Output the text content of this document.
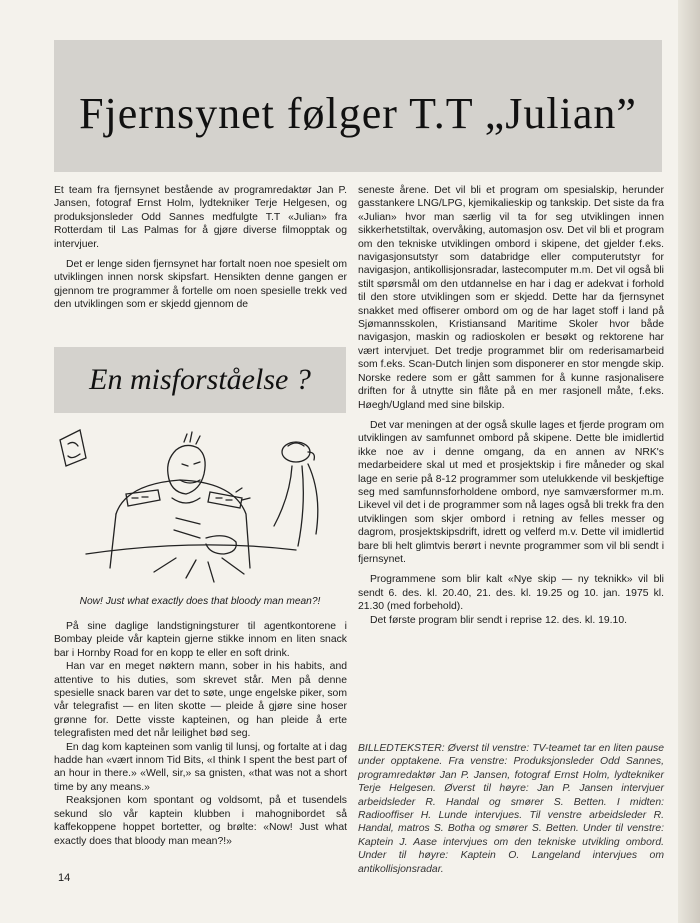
Fjernsynet følger T.T „Julian”

Et team fra fjernsynet bestående av programredaktør Jan P. Jansen, fotograf Ernst Holm, lydtekniker Terje Helgesen, og produksjonsleder Odd Sannes medfulgte T.T «Julian» fra Rotterdam til Las Palmas for å gjøre diverse filmopptak og intervjuer.

Det er lenge siden fjernsynet har fortalt noen noe spesielt om utviklingen innen norsk skipsfart. Hensikten denne gangen er gjennom tre programmer å fortelle om noen spesielle trekk ved den utviklingen som er skjedd gjennom de

En misforståelse ?
Now! Just what exactly does that bloody man mean?!

På sine daglige landstigningsturer til agentkontorene i Bombay pleide vår kaptein gjerne stikke innom en liten snack bar i Hornby Road for en kopp te eller en soft drink.

Han var en meget nøktern mann, sober in his habits, and attentive to his duties, som skrevet står. Men på denne spesielle snack baren var det to søte, unge engelske piker, som vår telegrafist — en liten skotte — pleide å gjøre sine hoser grønne for. Dette visste kapteinen, og han pleide å erte telegrafisten med det når leilighet bød seg.

En dag kom kapteinen som vanlig til lunsj, og fortalte at i dag hadde han «vært innom Tid Bits, «I think I spent the best part of an hour in there.» «Well, sir,» sa gnisten, «that was not a short time by any means.»

Reaksjonen kom spontant og voldsomt, på et tusendels sekund slo vår kaptein klubben i mahognibordet så kaffekoppene hoppet bortetter, og brølte: «Now! Just what exactly does that bloody man mean?!»

seneste årene. Det vil bli et program om spesialskip, herunder gasstankere LNG/LPG, kjemikalieskip og tankskip. Det siste da fra «Julian» hvor man særlig vil ta for seg utviklingen innen sikkerhetstiltak, overvåking, automasjon osv. Det vil bli et program om den tekniske utviklingen ombord i skipene, det gjelder f.eks. navigasjonsutstyr som databridge eller computerutstyr for navigasjon, antikollisjonsradar, lastecomputer m.m. Det vil også bli stilt spørsmål om den utdannelse en har i dag er adekvat i forhold til den store utviklingen som er skjedd. Dette har da fjernsynet snakket med offiserer ombord om og de har laget stoff i land på Sjømannsskolen, Kristiansand Maritime Skoler hvor både navigasjon, maskin og radioskolen er besøkt og rektorene har vært intervjuet. Det tredje programmet blir om rederisamarbeid som f.eks. Scan-Dutch linjen som disponerer en stor mengde skip. Norske redere som er gått sammen for å kunne rasjonalisere driften for å utnytte sin flåte på en mer rasjonell måte, f.eks. Høegh/Ugland med sine bilskip.

Det var meningen at der også skulle lages et fjerde program om utviklingen av samfunnet ombord på skipene. Dette ble imidlertid ikke noe av i denne omgang, da en annen av NRK's medarbeidere skal ut med et prosjektskip i fire måneder og skal lage en serie på 8-12 programmer som utelukkende vil beskjeftige seg med samfunnsforholdene ombord, nye samværsformer m.m. Likevel vil det i de programmer som nå lages også bli trekk fra den utviklingen som skjer ombord i retning av felles messer og dagrom, prosjektskipsdrift, idrett og velferd m.v. Dette vil imidlertid bare bli helt glimtvis berørt i nevnte programmer som vil bli sendt i fjernsynet.

Programmene som blir kalt «Nye skip — ny teknikk» vil bli sendt 6. des. kl. 20.40, 21. des. kl. 19.25 og 10. jan. 1975 kl. 21.30 (med forbehold).

Det første program blir sendt i reprise 12. des. kl. 19.10.

BILLEDTEKSTER: Øverst til venstre: TV-teamet tar en liten pause under opptakene. Fra venstre: Produksjonsleder Odd Sannes, programredaktør Jan P. Jansen, fotograf Ernst Holm, lydtekniker Terje Helgesen. Øverst til høyre: Jan P. Jansen intervjuer arbeidsleder R. Handal og smører S. Betten. I midten: Radiooffiser H. Lunde intervjues. Til venstre arbeidsleder R. Handal, matros S. Botha og smører S. Betten. Under til venstre: Kaptein J. Aase intervjues om den tekniske utvikling ombord. Under til høyre: Kaptein O. Langeland intervjues om antikollisjonsradar.
14
